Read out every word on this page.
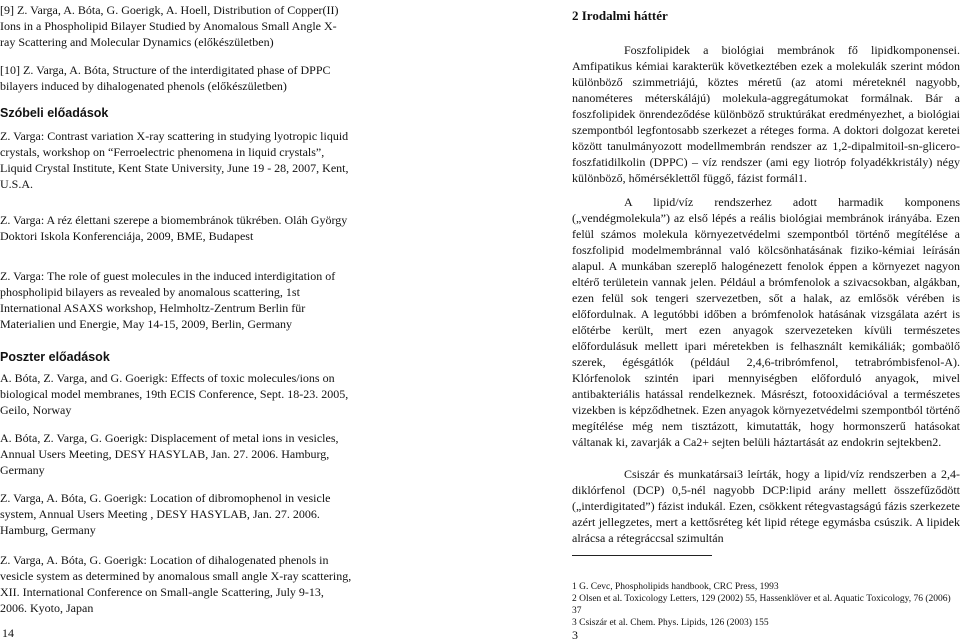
[9] Z. Varga, A. Bóta, G. Goerigk, A. Hoell, Distribution of Copper(II)
Ions in a Phospholipid Bilayer Studied by Anomalous Small Angle X-
ray Scattering and Molecular Dynamics (előkészületben)
[10] Z. Varga, A. Bóta, Structure of the interdigitated phase of DPPC
bilayers induced by dihalogenated phenols (előkészületben)
Szóbeli előadások
Z. Varga: Contrast variation X-ray scattering in studying lyotropic liquid
crystals, workshop on “Ferroelectric phenomena in liquid crystals”,
Liquid Crystal Institute, Kent State University, June 19 - 28, 2007, Kent,
U.S.A.
Z. Varga: A réz élettani szerepe a biomembránok tükrében. Oláh György
Doktori Iskola Konferenciája, 2009, BME, Budapest
Z. Varga: The role of guest molecules in the induced interdigitation of
phospholipid bilayers as revealed by anomalous scattering, 1st
International ASAXS workshop, Helmholtz-Zentrum Berlin für
Materialien und Energie, May 14-15, 2009, Berlin, Germany
Poszter előadások
A. Bóta, Z. Varga, and G. Goerigk: Effects of toxic molecules/ions on
biological model membranes, 19th ECIS Conference, Sept. 18-23. 2005,
Geilo, Norway
A. Bóta, Z. Varga, G. Goerigk: Displacement of metal ions in vesicles,
Annual Users Meeting, DESY HASYLAB, Jan. 27. 2006. Hamburg,
Germany
Z. Varga, A. Bóta, G. Goerigk: Location of dibromophenol in vesicle
system, Annual Users Meeting , DESY HASYLAB, Jan. 27. 2006.
Hamburg, Germany
Z. Varga, A. Bóta, G. Goerigk: Location of dihalogenated phenols in
vesicle system as determined by anomalous small angle X-ray scattering,
XII. International Conference on Small-angle Scattering, July 9-13,
2006. Kyoto, Japan
14
2 Irodalmi háttér

Foszfolipidek a biológiai membránok fő lipidkomponensei. Amfipatikus kémiai karakterük következtében ezek a molekulák szerint módon különböző szimmetriájú, köztes méretű (az atomi méreteknél nagyobb, nanométeres méterskálájú) molekula-aggregátumokat formálnak. Bár a foszfolipidek önrendeződése különböző struktúrákat eredményezhet, a biológiai szempontból legfontosabb szerkezet a réteges forma. A doktori dolgozat keretei között tanulmányozott modellmembrán rendszer az 1,2-dipalmitoil-sn-glicero-foszfatidilkolin (DPPC) – víz rendszer (ami egy liotróp folyadékkristály) négy különböző, hőmérséklettől függő, fázist formál1.

A lipid/víz rendszerhez adott harmadik komponens („vendégmolekula”) az első lépés a reális biológiai membránok irányába. Ezen felül számos molekula környezetvédelmi szempontból történő megítélése a foszfolipid modelmembránnal való kölcsönhatásának fiziko-kémiai leírásán alapul. A munkában szereplő halogénezett fenolok éppen a környezet nagyon eltérő területein vannak jelen. Például a brómfenolok a szivacsokban, algákban, ezen felül sok tengeri szervezetben, sőt a halak, az emlősök vérében is előfordulnak. A legutóbbi időben a brómfenolok hatásának vizsgálata azért is előtérbe került, mert ezen anyagok szervezeteken kívüli természetes előfordulásuk mellett ipari méretekben is felhasznált kemikáliák; gombaölő szerek, égésgátlók (például 2,4,6-tribrómfenol, tetrabrómbisfenol-A). Klórfenolok szintén ipari mennyiségben előforduló anyagok, mivel antibakteriális hatással rendelkeznek. Másrészt, fotooxidációval a természetes vizekben is képződhetnek. Ezen anyagok környezetvédelmi szempontból történő megítélése még nem tisztázott, kimutatták, hogy hormonszerű hatásokat váltanak ki, zavarják a Ca2+ sejten belüli háztartását az endokrin sejtekben2.

Csiszár és munkatársai3 leírták, hogy a lipid/víz rendszerben a 2,4-diklórfenol (DCP) 0,5-nél nagyobb DCP:lipid arány mellett összefűződött („interdigitated”) fázist indukál. Ezen, csökkent rétegvastagságú fázis szerkezete azért jellegzetes, mert a kettősréteg két lipid rétege egymásba csúszik. A lipidek alrácsa a rétegráccsal szimultán

1 G. Cevc, Phospholipids handbook, CRC Press, 1993
2 Olsen et al. Toxicology Letters, 129 (2002) 55, Hassenklöver et al. Aquatic Toxicology, 76 (2006) 37
3 Csiszár et al. Chem. Phys. Lipids, 126 (2003) 155
3
